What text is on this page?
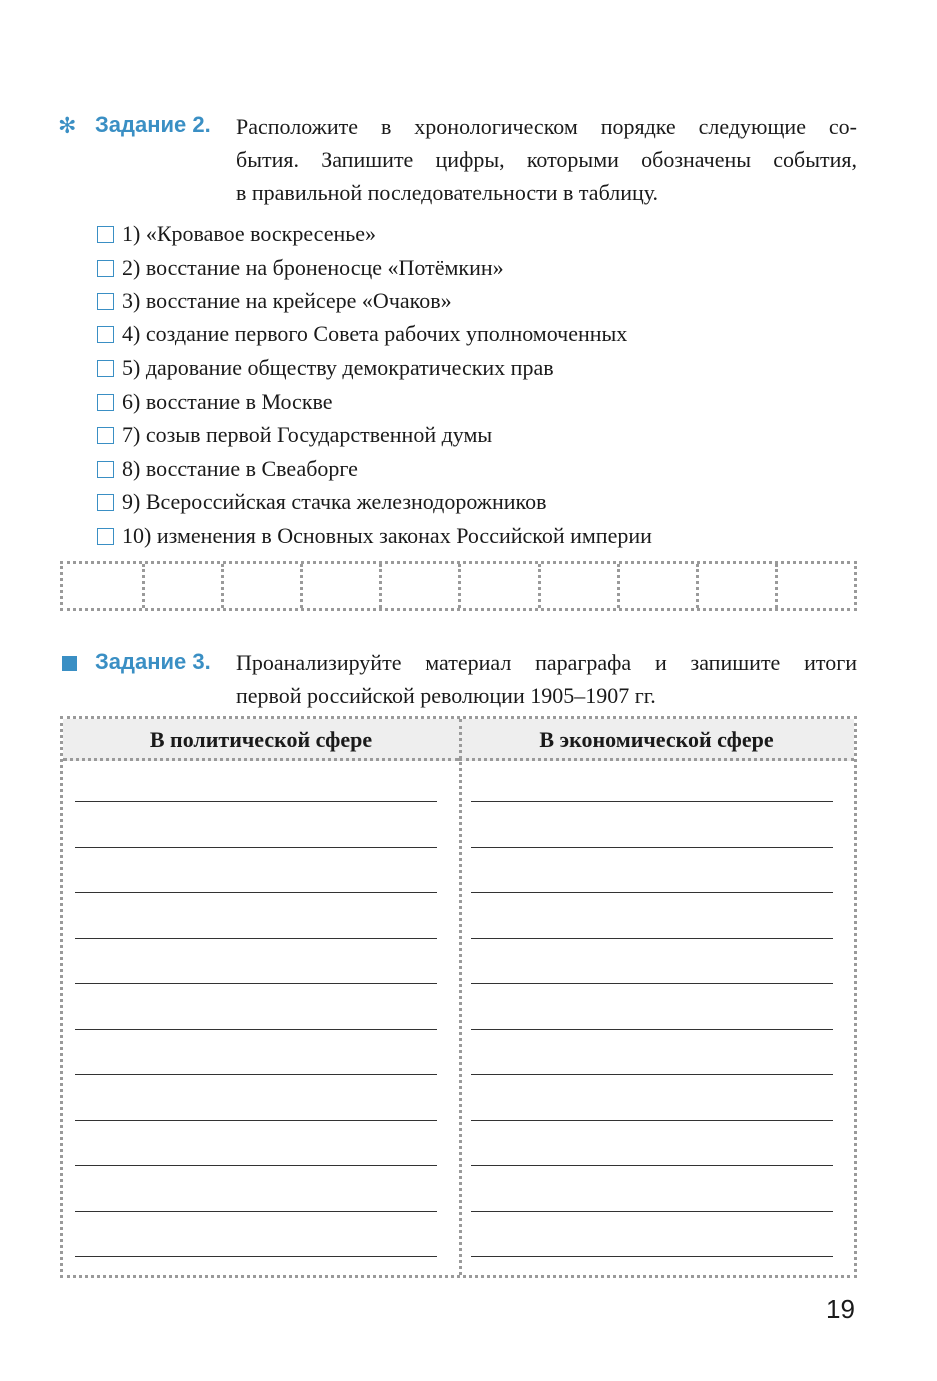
✻ Задание 2. Расположите в хронологическом порядке следующие со-
бытия. Запишите цифры, которыми обозначены события,
в правильной последовательности в таблицу.
1) «Кровавое воскресенье»
2) восстание на броненосце «Потёмкин»
3) восстание на крейсере «Очаков»
4) создание первого Совета рабочих уполномоченных
5) дарование обществу демократических прав
6) восстание в Москве
7) созыв первой Государственной думы
8) восстание в Свеаборге
9) Всероссийская стачка железнодорожников
10) изменения в Основных законах Российской империи
Задание 3. Проанализируйте материал параграфа и запишите итоги
первой российской революции 1905–1907 гг.
В политической сфере	В экономической сфере
19
